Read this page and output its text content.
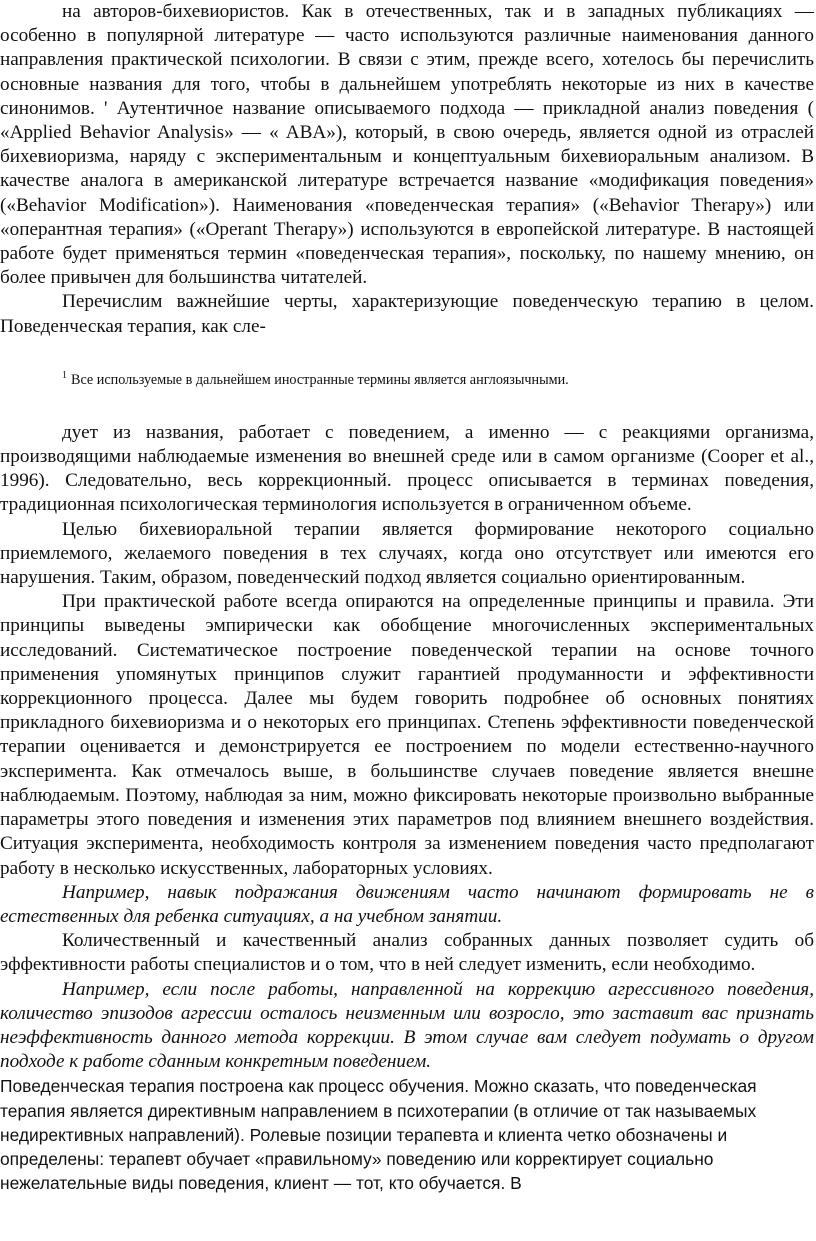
на авторов-бихевиористов. Как в отечественных, так и в западных публикациях — особенно в популярной литературе — часто используются различные наименования данного направления практической психологии. В связи с этим, прежде всего, хотелось бы перечислить основные названия для того, чтобы в дальнейшем употреблять некоторые из них в качестве синонимов. ' Аутентичное название описываемого подхода — прикладной анализ поведения ( «Applied Behavior Analysis» — « ABA»), который, в свою очередь, является одной из отраслей бихевиоризма, наряду с экспериментальным и концептуальным бихевиоральным анализом. В качестве аналога в американской литературе встречается название «модификация поведения» («Behavior Modification»). Наименования «поведенческая терапия» («Behavior Therapy») или «оперантная терапия» («Operant Therapy») используются в европейской литературе. В настоящей работе будет применяться термин «поведенческая терапия», поскольку, по нашему мнению, он более привычен для большинства читателей.

Перечислим важнейшие черты, характеризующие поведенческую терапию в целом. Поведенческая терапия, как сле-

$^1$ Все используемые в дальнейшем иностранные термины является англоязычными.

дует из названия, работает с поведением, а именно — с реакциями организма, производящими наблюдаемые изменения во внешней среде или в самом организме (Cooper et al., 1996). Следовательно, весь коррекционный. процесс описывается в терминах поведения, традиционная психологическая терминология используется в ограниченном объеме.

Целью бихевиоральной терапии является формирование некоторого социально приемлемого, желаемого поведения в тех случаях, когда оно отсутствует или имеются его нарушения. Таким, образом, поведенческий подход является социально ориентированным.

При практической работе всегда опираются на определенные принципы и правила. Эти принципы выведены эмпирически как обобщение многочисленных экспериментальных исследований. Систематическое построение поведенческой терапии на основе точного применения упомянутых принципов служит гарантией продуманности и эффективности коррекционного процесса. Далее мы будем говорить подробнее об основных понятиях прикладного бихевиоризма и о некоторых его принципах. Степень эффективности поведенческой терапии оценивается и демонстрируется ее построением по модели естественно-научного эксперимента. Как отмечалось выше, в большинстве случаев поведение является внешне наблюдаемым. Поэтому, наблюдая за ним, можно фиксировать некоторые произвольно выбранные параметры этого поведения и изменения этих параметров под влиянием внешнего воздействия. Ситуация эксперимента, необходимость контроля за изменением поведения часто предполагают работу в несколько искусственных, лабораторных условиях.

Например, навык подражания движениям часто начинают формировать не в естественных для ребенка ситуациях, а на учебном занятии.

Количественный и качественный анализ собранных данных позволяет судить об эффективности работы специалистов и о том, что в ней следует изменить, если необходимо.

Например, если после работы, направленной на коррекцию агрессивного поведения, количество эпизодов агрессии осталось неизменным или возросло, это заставит вас признать неэффективность данного метода коррекции. В этом случае вам следует подумать о другом подходе к работе сданным конкретным поведением.

Поведенческая терапия построена как процесс обучения. Можно сказать, что поведенческая терапия является директивным направлением в психотерапии (в отличие от так называемых недирективных направлений). Ролевые позиции терапевта и клиента четко обозначены и определены: терапевт обучает «правильному» поведению или корректирует социально нежелательные виды поведения, клиент — тот, кто обучается. В
